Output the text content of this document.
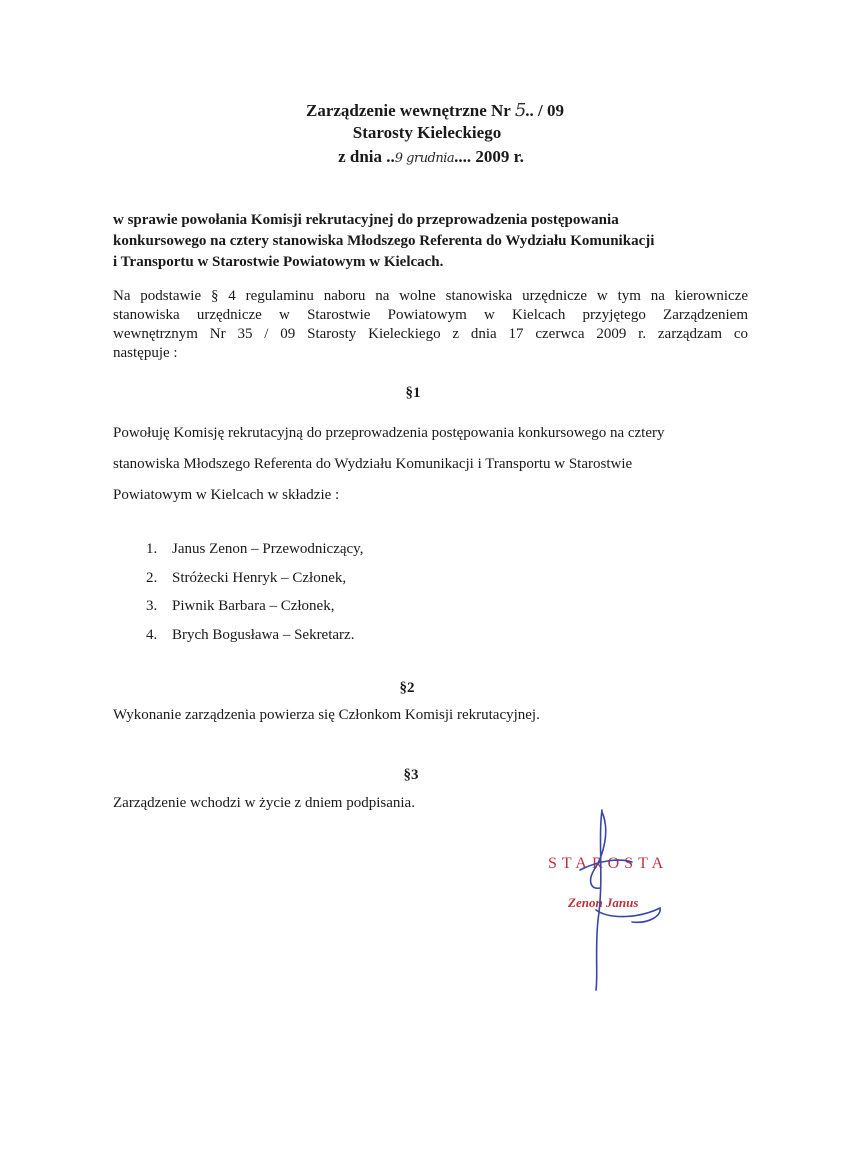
Zarządzenie wewnętrzne Nr 5.. / 09
Starosty Kieleckiego
z dnia ..9 grudnia.... 2009 r.
w sprawie powołania Komisji rekrutacyjnej do przeprowadzenia postępowania
konkursowego na cztery stanowiska Młodszego Referenta do Wydziału Komunikacji
i Transportu w Starostwie Powiatowym w Kielcach.
Na podstawie § 4 regulaminu naboru na wolne stanowiska urzędnicze w tym na kierownicze
stanowiska urzędnicze w Starostwie Powiatowym w Kielcach przyjętego Zarządzeniem
wewnętrznym Nr 35 / 09 Starosty Kieleckiego z dnia 17 czerwca 2009 r. zarządzam co
następuje :
§1
Powołuję Komisję rekrutacyjną do przeprowadzenia postępowania konkursowego na cztery
stanowiska Młodszego Referenta do Wydziału Komunikacji i Transportu w Starostwie
Powiatowym w Kielcach w składzie :
1. Janus Zenon – Przewodniczący,
2. Stróżecki Henryk – Członek,
3. Piwnik Barbara – Członek,
4. Brych Bogusława – Sekretarz.
§2
Wykonanie zarządzenia powierza się Członkom Komisji rekrutacyjnej.
§3
Zarządzenie wchodzi w życie z dniem podpisania.
STAROSTA
Zenon Janus
